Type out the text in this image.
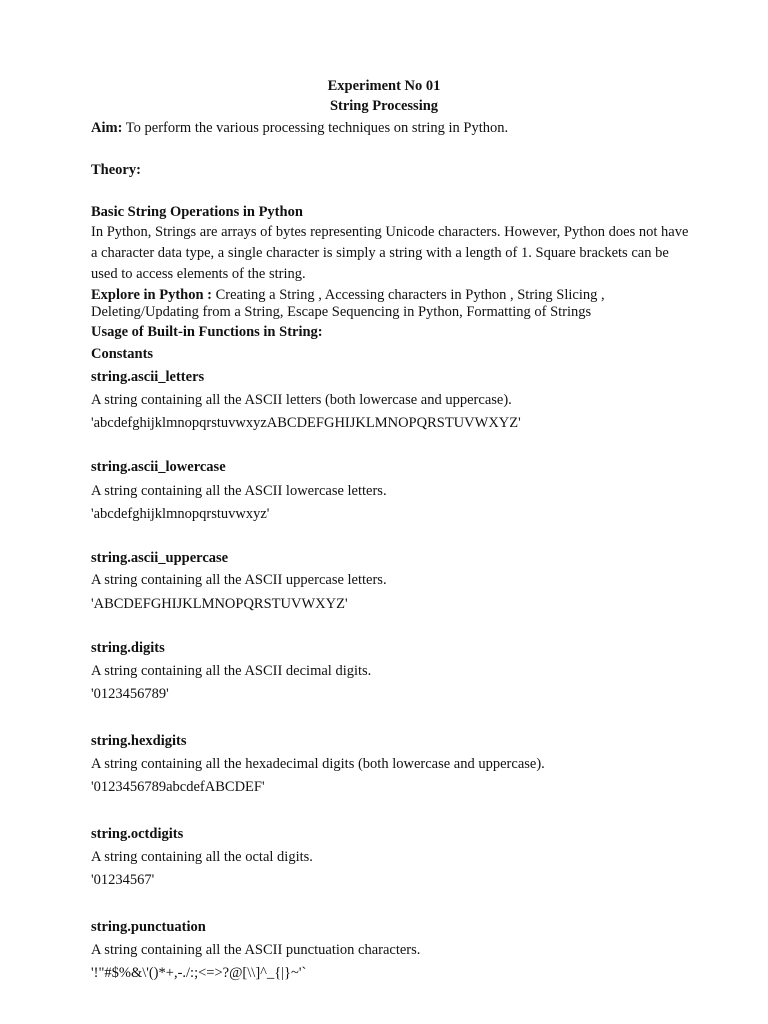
Experiment No 01
String Processing
Aim: To perform the various processing techniques on string in Python.
Theory:
Basic String Operations in Python
In Python, Strings are arrays of bytes representing Unicode characters. However, Python does not have a character data type, a single character is simply a string with a length of 1. Square brackets can be used to access elements of the string.
Explore in Python : Creating a String , Accessing characters in Python , String Slicing , Deleting/Updating from a String, Escape Sequencing in Python, Formatting of Strings
Usage of Built-in Functions in String:
Constants
string.ascii_letters
A string containing all the ASCII letters (both lowercase and uppercase).
'abcdefghijklmnopqrstuvwxyzABCDEFGHIJKLMNOPQRSTUVWXYZ'
string.ascii_lowercase
A string containing all the ASCII lowercase letters.
'abcdefghijklmnopqrstuvwxyz'
string.ascii_uppercase
A string containing all the ASCII uppercase letters.
'ABCDEFGHIJKLMNOPQRSTUVWXYZ'
string.digits
A string containing all the ASCII decimal digits.
'0123456789'
string.hexdigits
A string containing all the hexadecimal digits (both lowercase and uppercase).
'0123456789abcdefABCDEF'
string.octdigits
A string containing all the octal digits.
'01234567'
string.punctuation
A string containing all the ASCII punctuation characters.
'!"#$%&\'()*+,-./:;<=>?@[\\]^_{|}~'`
